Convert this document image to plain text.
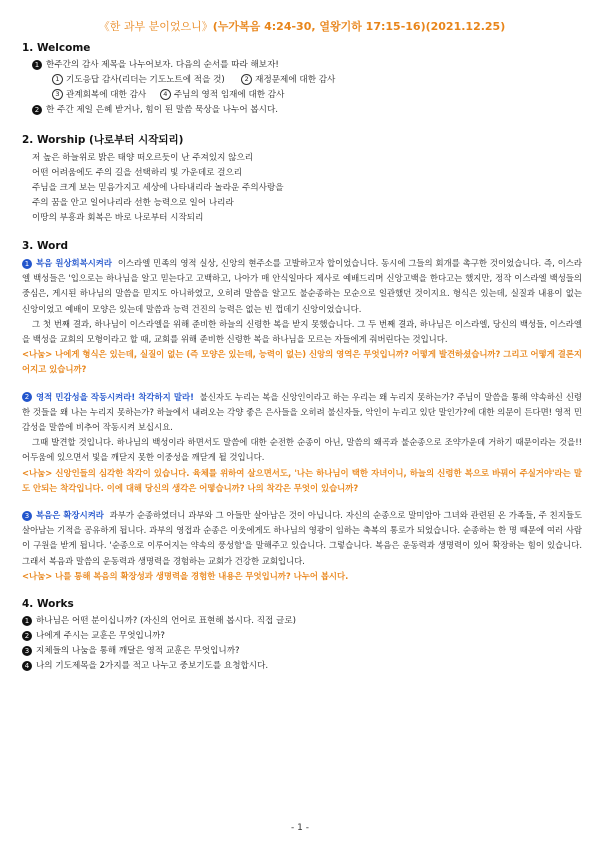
《한 과부 분이었으니》(누가복음 4:24-30, 열왕기하 17:15-16)(2021.12.25)
1. Welcome
1 한주간의 감사 제목을 나누어보자. 다음의 순서를 따라 해보자!
1 기도응답 감사(리더는 기도노트에 적을 것)	2 재정문제에 대한 감사
3 관계회복에 대한 감사	4 주님의 영적 임재에 대한 감사
2 한 주간 제일 은혜 받거나, 힘이 된 말씀 묵상을 나누어 봅시다.
2. Worship (나로부터 시작되리)
저 높은 하늘위로 밝은 태양 떠오르듯이 난 주져있지 않으리
어떤 어려움에도 주의 길을 선택하리 빛 가운데로 걸으리
주님을 크게 보는 믿음가지고 세상에 나타내리라 놀라운 주의사랑을
주의 꿈을 안고 일어나리라 선한 능력으로 일어 나리라
이땅의 부흥과 회복은 바로 나로부터 시작되리
3. Word
1 복음 원상회복시켜라 이스라엘 민족의 영적 실상, 신앙의 현주소를 고발하고자 합이었습니다. 동시에 그들의 회개를 촉구한 것이었습니다. 즉, 이스라엘 백성들은 '입으로는 하나님을 알고 믿는다고 고백하고, 나아가 매 안식일마다 제사로 예배드리며 신앙고백을 한다고는 했지만, 정작 이스라엘 백성들의 중심은, 게시된 하나님의 말씀을 믿지도 아니하였고, 오히려 말씀을 알고도 불순종하는 모순으로 일관했던 것이지요. 형식은 있는데, 실질과 내용이 없는 신앙이었고 예배이 모양은 있는데 말씀과 능력 건진의 능력은 없는 빈 껍데기 신앙이었습니다.
그 첫 번째 결과, 하나님이 이스라엘을 위해 준비한 하늘의 신령한 복을 받지 못했습니다. 그 두 번째 결과, 하나님은 이스라엘, 당신의 백성들, 이스라엘을 백성을 교회의 모형이라고 할 때, 교회를 위해 준비한 신령한 복을 하나님을 모르는 자들에게 줘버린다는 것입니다.
<나눔> 나에게 형식은 있는데, 실질이 없는 (즉 모양은 있는데, 능력이 없는) 신앙의 영역은 무엇입니까? 어떻게 발견하셨습니까? 그리고 어떻게 결론지어지고 있습니까?
2 영적 민감성을 작동시켜라! 착각하지 말라! 불신자도 누리는 복을 신앙인이라고 하는 우리는 왜 누리지 못하는가? 주님이 말씀을 통해 약속하신 신령한 것들을 왜 나는 누리지 못하는가? 하늘에서 내려오는 각양 좋은 은사들을 오히려 불신자들, 악인이 누리고 있단 말인가?에 대한 의문이 든다면! 영적 민감성을 말씀에 비추어 작동시켜 보십시요.
그때 발견할 것입니다. 하나님의 백성이라 하면서도 말씀에 대한 순전한 순종이 아닌, 말씀의 왜곡과 불순종으로 조약가운데 거하기 때문이라는 것을!! 어두움에 있으면서 빛을 깨닫지 못한 이중성을 깨닫게 될 것입니다.
<나눔> 신앙인들의 심각한 착각이 있습니다. 육체를 위하여 살으면서도, '나는 하나님이 택한 자녀이니, 하늘의 신령한 복으로 바꿔어 주실거야'라는 말도 안되는 착각입니다. 이에 대해 당신의 생각은 어떻습니까? 나의 착각은 무엇이 있습니까?
3 복음은 확장시켜라 과부가 순종하였더니 과부와 그 아들만 살아남은 것이 아닙니다. 자신의 순종으로 말미암아 그녀와 관련된 온 가족들, 주 친지들도 살아남는 기적을 공유하게 됩니다. 과부의 영접과 순종은 이웃에게도 하나님의 영광이 임하는 축복의 통로가 되었습니다. 순종하는 한 명 때문에 여러 사람이 구원을 받게 됩니다. '순종으로 이루어지는 약속의 풍성함'을 말해주고 있습니다. 그렇습니다. 복음은 운동력과 생명력이 있어 확장하는 힘이 있습니다. 그래서 복음과 말씀의 운동력과 생명력을 경험하는 교회가 건강한 교회입니다.
<나눔> 나를 통해 복음의 확장성과 생명력을 경험한 내용은 무엇입니까? 나누어 봅시다.
4. Works
1 하나님은 어떤 분이십니까? (자신의 언어로 표현해 봅시다. 직접 글로)
2 나에게 주시는 교훈은 무엇입니까?
3 지체들의 나눔을 통해 깨달은 영적 교훈은 무엇입니까?
4 나의 기도제목을 2가지를 적고 나누고 중보기도를 요청합시다.
- 1 -
